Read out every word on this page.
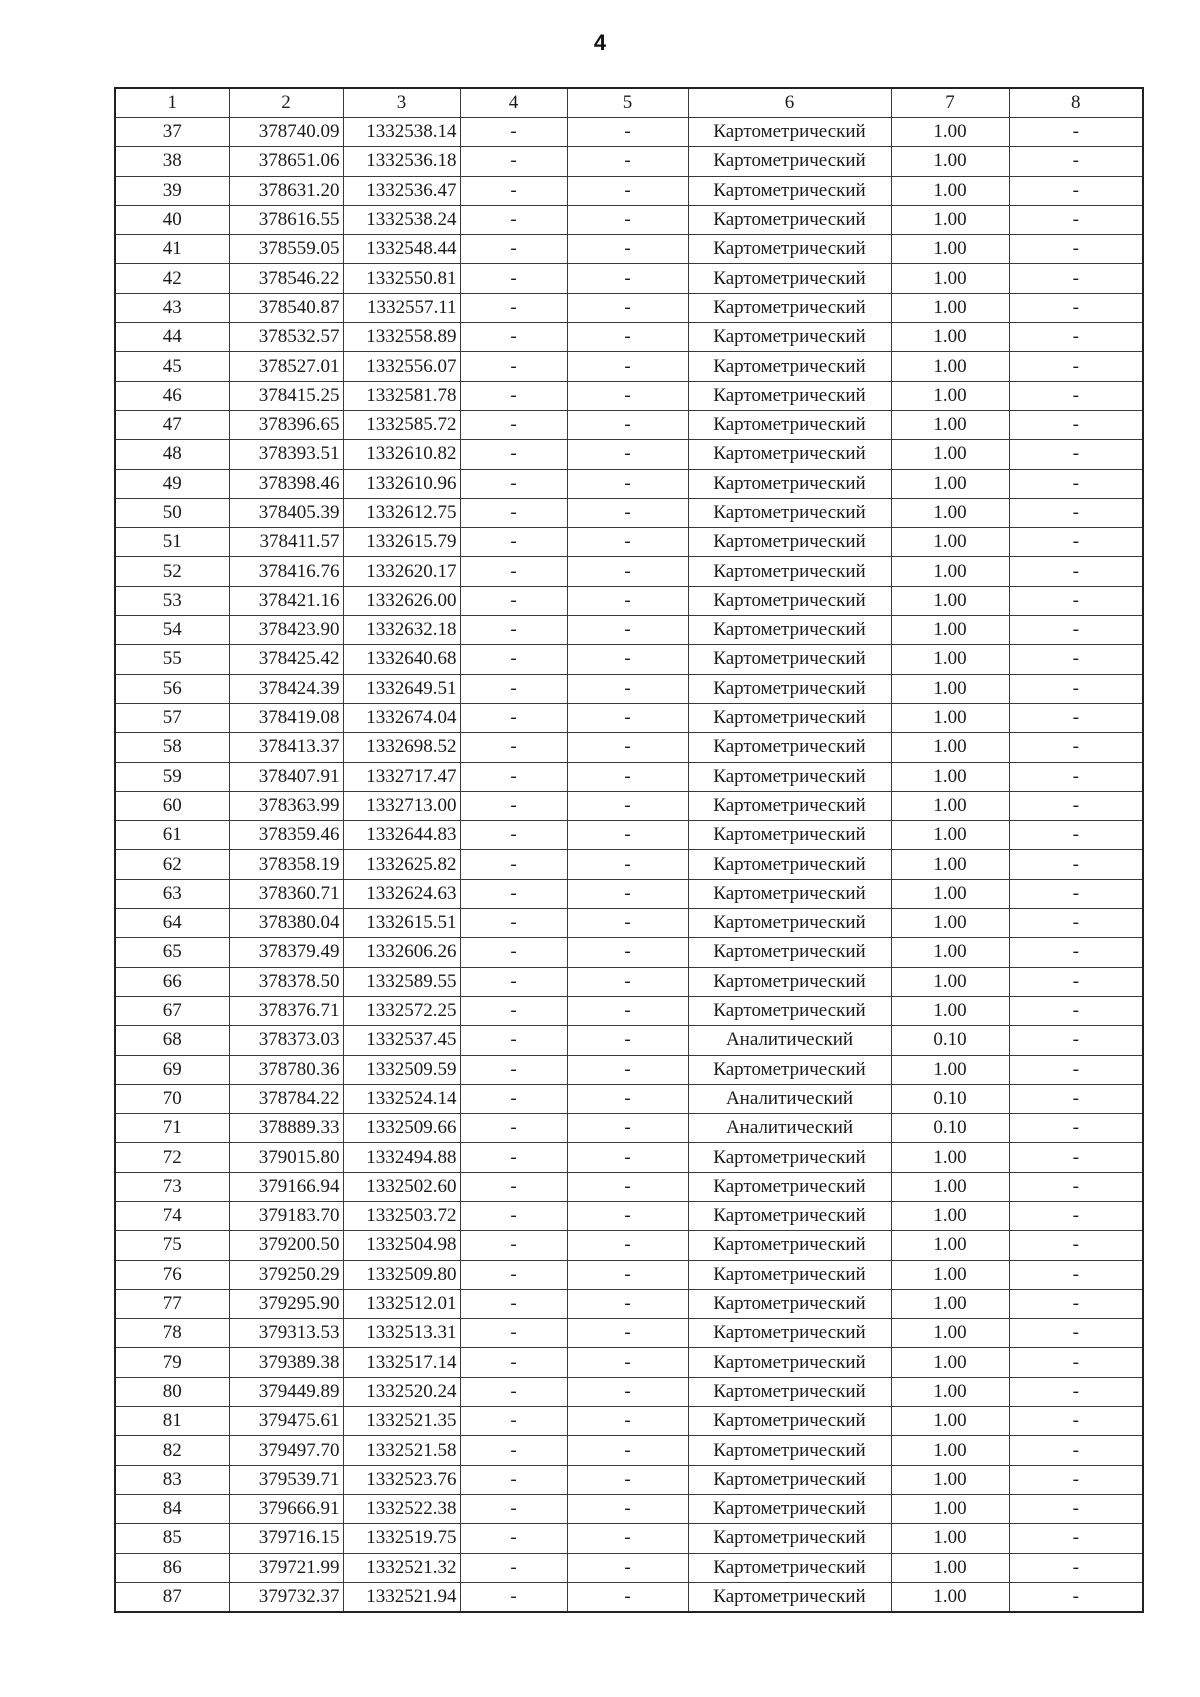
4
1	2	3	4	5	6	7	8
37	378740.09	1332538.14	-	-	Картометрический	1.00	-
38	378651.06	1332536.18	-	-	Картометрический	1.00	-
39	378631.20	1332536.47	-	-	Картометрический	1.00	-
40	378616.55	1332538.24	-	-	Картометрический	1.00	-
41	378559.05	1332548.44	-	-	Картометрический	1.00	-
42	378546.22	1332550.81	-	-	Картометрический	1.00	-
43	378540.87	1332557.11	-	-	Картометрический	1.00	-
44	378532.57	1332558.89	-	-	Картометрический	1.00	-
45	378527.01	1332556.07	-	-	Картометрический	1.00	-
46	378415.25	1332581.78	-	-	Картометрический	1.00	-
47	378396.65	1332585.72	-	-	Картометрический	1.00	-
48	378393.51	1332610.82	-	-	Картометрический	1.00	-
49	378398.46	1332610.96	-	-	Картометрический	1.00	-
50	378405.39	1332612.75	-	-	Картометрический	1.00	-
51	378411.57	1332615.79	-	-	Картометрический	1.00	-
52	378416.76	1332620.17	-	-	Картометрический	1.00	-
53	378421.16	1332626.00	-	-	Картометрический	1.00	-
54	378423.90	1332632.18	-	-	Картометрический	1.00	-
55	378425.42	1332640.68	-	-	Картометрический	1.00	-
56	378424.39	1332649.51	-	-	Картометрический	1.00	-
57	378419.08	1332674.04	-	-	Картометрический	1.00	-
58	378413.37	1332698.52	-	-	Картометрический	1.00	-
59	378407.91	1332717.47	-	-	Картометрический	1.00	-
60	378363.99	1332713.00	-	-	Картометрический	1.00	-
61	378359.46	1332644.83	-	-	Картометрический	1.00	-
62	378358.19	1332625.82	-	-	Картометрический	1.00	-
63	378360.71	1332624.63	-	-	Картометрический	1.00	-
64	378380.04	1332615.51	-	-	Картометрический	1.00	-
65	378379.49	1332606.26	-	-	Картометрический	1.00	-
66	378378.50	1332589.55	-	-	Картометрический	1.00	-
67	378376.71	1332572.25	-	-	Картометрический	1.00	-
68	378373.03	1332537.45	-	-	Аналитический	0.10	-
69	378780.36	1332509.59	-	-	Картометрический	1.00	-
70	378784.22	1332524.14	-	-	Аналитический	0.10	-
71	378889.33	1332509.66	-	-	Аналитический	0.10	-
72	379015.80	1332494.88	-	-	Картометрический	1.00	-
73	379166.94	1332502.60	-	-	Картометрический	1.00	-
74	379183.70	1332503.72	-	-	Картометрический	1.00	-
75	379200.50	1332504.98	-	-	Картометрический	1.00	-
76	379250.29	1332509.80	-	-	Картометрический	1.00	-
77	379295.90	1332512.01	-	-	Картометрический	1.00	-
78	379313.53	1332513.31	-	-	Картометрический	1.00	-
79	379389.38	1332517.14	-	-	Картометрический	1.00	-
80	379449.89	1332520.24	-	-	Картометрический	1.00	-
81	379475.61	1332521.35	-	-	Картометрический	1.00	-
82	379497.70	1332521.58	-	-	Картометрический	1.00	-
83	379539.71	1332523.76	-	-	Картометрический	1.00	-
84	379666.91	1332522.38	-	-	Картометрический	1.00	-
85	379716.15	1332519.75	-	-	Картометрический	1.00	-
86	379721.99	1332521.32	-	-	Картометрический	1.00	-
87	379732.37	1332521.94	-	-	Картометрический	1.00	-
